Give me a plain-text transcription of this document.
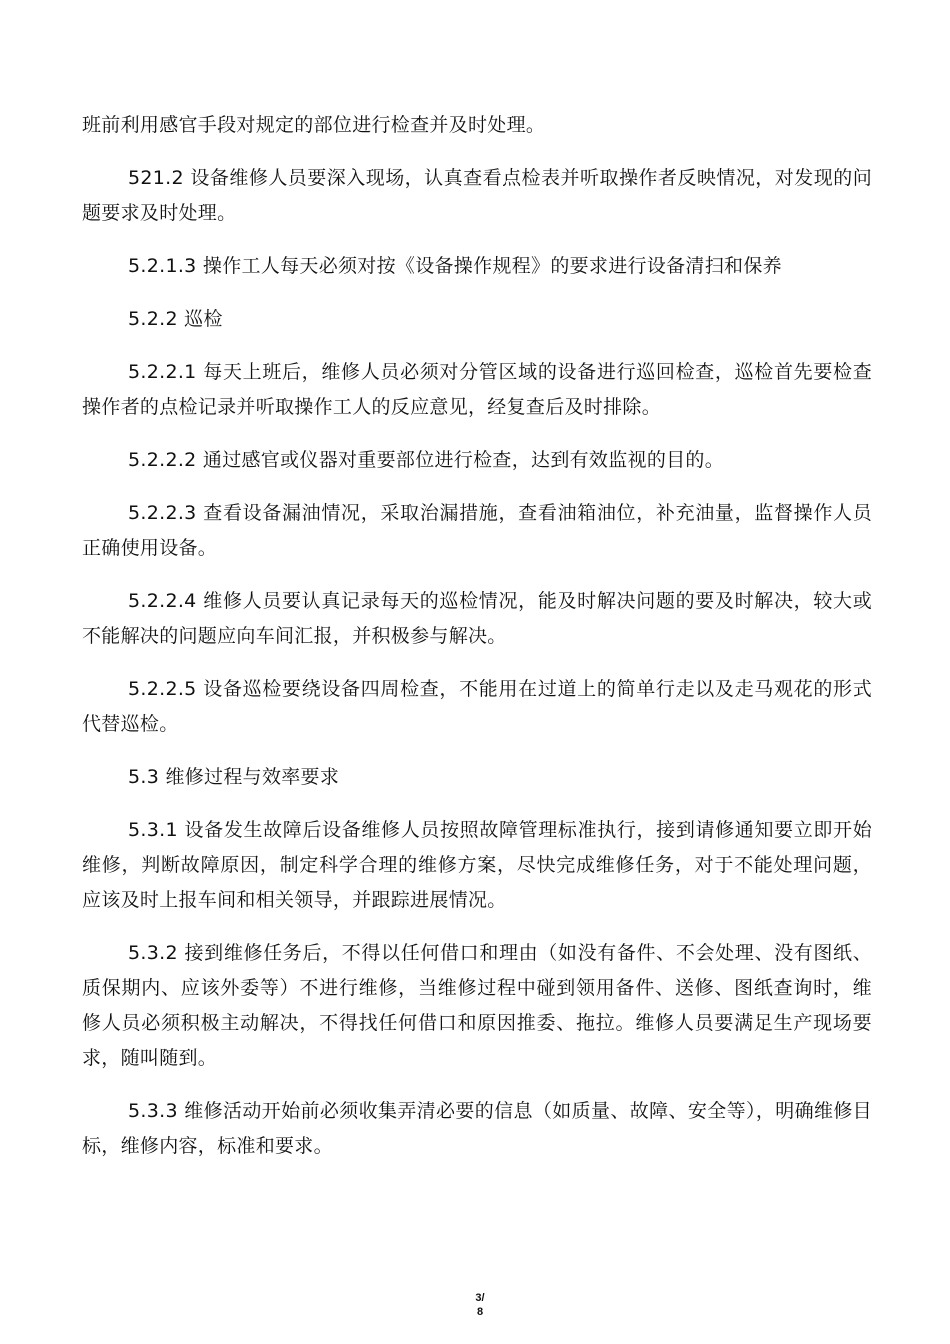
班前利用感官手段对规定的部位进行检查并及时处理。

521.2 设备维修人员要深入现场，认真查看点检表并听取操作者反映情况，对发现的问题要求及时处理。

5.2.1.3 操作工人每天必须对按《设备操作规程》的要求进行设备清扫和保养

5.2.2 巡检

5.2.2.1 每天上班后，维修人员必须对分管区域的设备进行巡回检查，巡检首先要检查操作者的点检记录并听取操作工人的反应意见，经复查后及时排除。

5.2.2.2 通过感官或仪器对重要部位进行检查，达到有效监视的目的。

5.2.2.3 查看设备漏油情况，采取治漏措施，查看油箱油位，补充油量，监督操作人员正确使用设备。

5.2.2.4 维修人员要认真记录每天的巡检情况，能及时解决问题的要及时解决，较大或不能解决的问题应向车间汇报，并积极参与解决。

5.2.2.5 设备巡检要绕设备四周检查，不能用在过道上的简单行走以及走马观花的形式代替巡检。

5.3 维修过程与效率要求

5.3.1 设备发生故障后设备维修人员按照故障管理标准执行，接到请修通知要立即开始维修，判断故障原因，制定科学合理的维修方案，尽快完成维修任务，对于不能处理问题，应该及时上报车间和相关领导，并跟踪进展情况。

5.3.2 接到维修任务后，不得以任何借口和理由（如没有备件、不会处理、没有图纸、质保期内、应该外委等）不进行维修，当维修过程中碰到领用备件、送修、图纸查询时，维修人员必须积极主动解决，不得找任何借口和原因推委、拖拉。维修人员要满足生产现场要求，随叫随到。

5.3.3 维修活动开始前必须收集弄清必要的信息（如质量、故障、安全等），明确维修目标，维修内容，标准和要求。

3/
8
